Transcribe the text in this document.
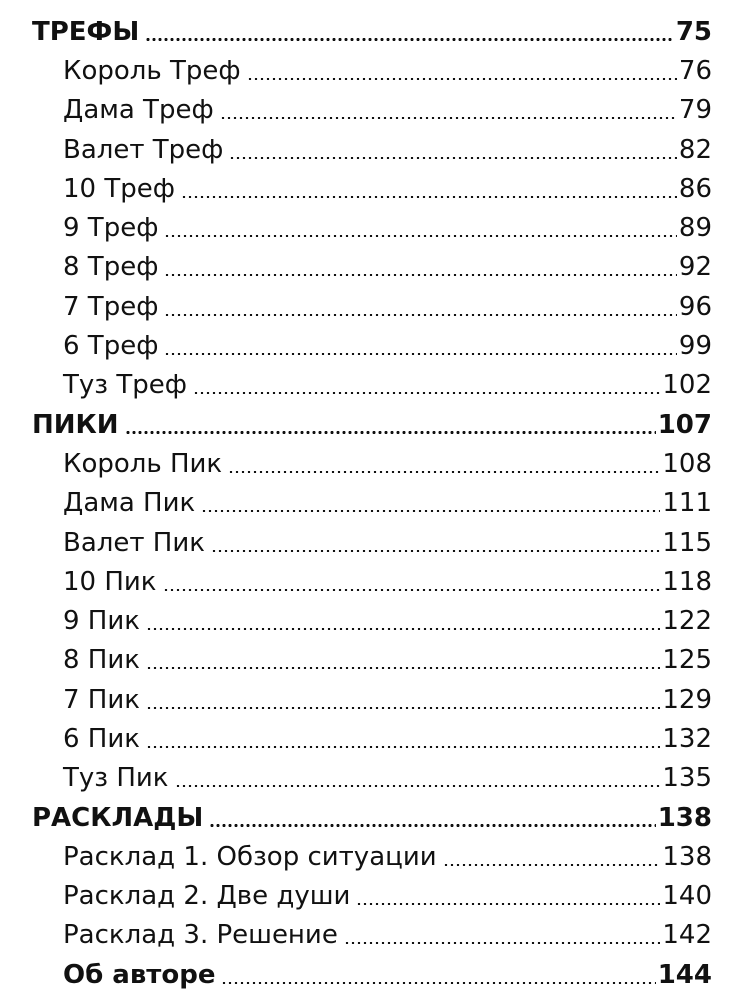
ТРЕФЫ	75
Король Треф	76
Дама Треф	79
Валет Треф	82
10 Треф	86
9 Треф	89
8 Треф	92
7 Треф	96
6 Треф	99
Туз Треф	102
ПИКИ	107
Король Пик	108
Дама Пик	111
Валет Пик	115
10 Пик	118
9 Пик	122
8 Пик	125
7 Пик	129
6 Пик	132
Туз Пик	135
РАСКЛАДЫ	138
Расклад 1. Обзор ситуации	138
Расклад 2. Две души	140
Расклад 3. Решение	142
Об авторе	144
